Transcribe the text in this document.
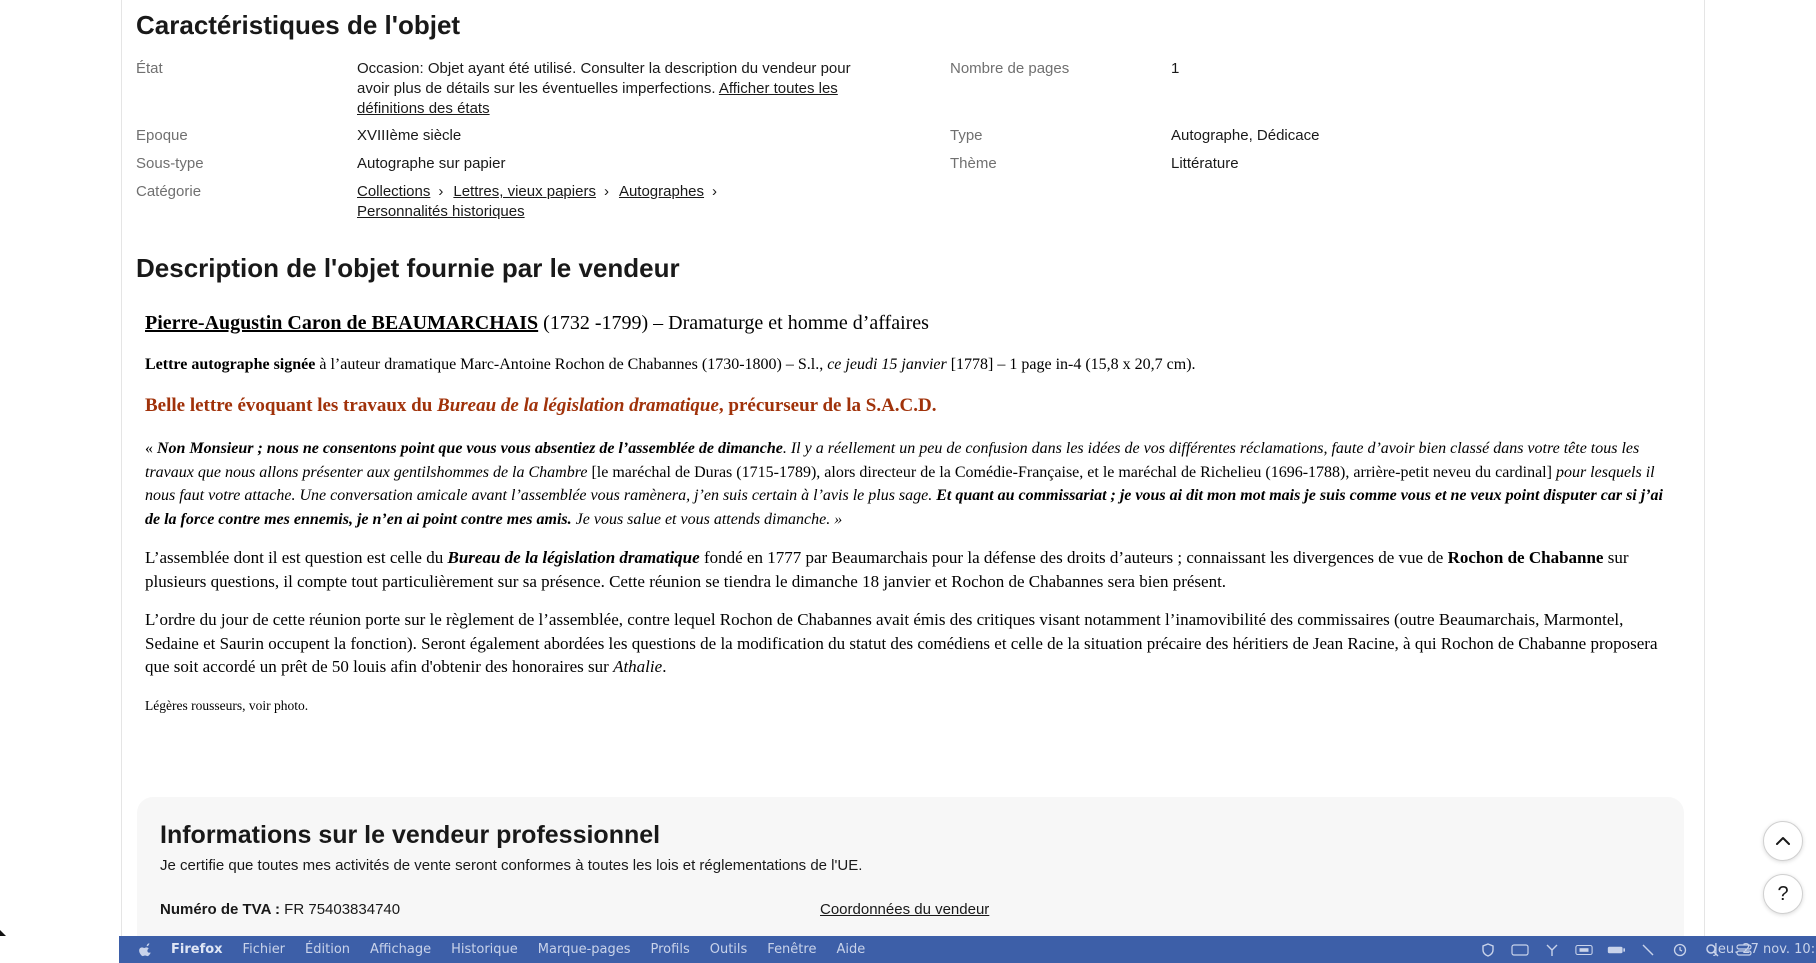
Caractéristiques de l'objet
État	Occasion: Objet ayant été utilisé. Consulter la description du vendeur pour
avoir plus de détails sur les éventuelles imperfections. Afficher toutes les
définitions des états
Nombre de pages	1
Epoque	XVIIIème siècle	Type	Autographe, Dédicace
Sous-type	Autographe sur papier	Thème	Littérature
Catégorie	Collections › Lettres, vieux papiers › Autographes ›
Personnalités historiques
Description de l'objet fournie par le vendeur
Pierre-Augustin Caron de BEAUMARCHAIS (1732 -1799) – Dramaturge et homme d’affaires
Lettre autographe signée à l’auteur dramatique Marc-Antoine Rochon de Chabannes (1730-1800) – S.l., ce jeudi 15 janvier [1778] – 1 page in-4 (15,8 x 20,7 cm).
Belle lettre évoquant les travaux du Bureau de la législation dramatique, précurseur de la S.A.C.D.
« Non Monsieur ; nous ne consentons point que vous vous absentiez de l’assemblée de dimanche. Il y a réellement un peu de confusion dans les idées de vos différentes réclamations, faute d’avoir bien classé dans votre tête tous les travaux que nous allons présenter aux gentilshommes de la Chambre [le maréchal de Duras (1715-1789), alors directeur de la Comédie-Française, et le maréchal de Richelieu (1696-1788), arrière-petit neveu du cardinal] pour lesquels il nous faut votre attache. Une conversation amicale avant l’assemblée vous ramènera, j’en suis certain à l’avis le plus sage. Et quant au commissariat ; je vous ai dit mon mot mais je suis comme vous et ne veux point disputer car si j’ai de la force contre mes ennemis, je n’en ai point contre mes amis. Je vous salue et vous attends dimanche. »
L’assemblée dont il est question est celle du Bureau de la législation dramatique fondé en 1777 par Beaumarchais pour la défense des droits d’auteurs ; connaissant les divergences de vue de Rochon de Chabanne sur plusieurs questions, il compte tout particulièrement sur sa présence. Cette réunion se tiendra le dimanche 18 janvier et Rochon de Chabannes sera bien présent.
L’ordre du jour de cette réunion porte sur le règlement de l’assemblée, contre lequel Rochon de Chabannes avait émis des critiques visant notamment l’inamovibilité des commissaires (outre Beaumarchais, Marmontel, Sedaine et Saurin occupent la fonction). Seront également abordées les questions de la modification du statut des comédiens et celle de la situation précaire des héritiers de Jean Racine, à qui Rochon de Chabanne proposera que soit accordé un prêt de 50 louis afin d'obtenir des honoraires sur Athalie.
Légères rousseurs, voir photo.
Informations sur le vendeur professionnel
Je certifie que toutes mes activités de vente seront conformes à toutes les lois et réglementations de l'UE.
Numéro de TVA : FR 75403834740	Coordonnées du vendeur
?
Firefox Fichier Édition Affichage Historique Marque-pages Profils Outils Fenêtre Aide	Jeu. 27 nov. 10:
